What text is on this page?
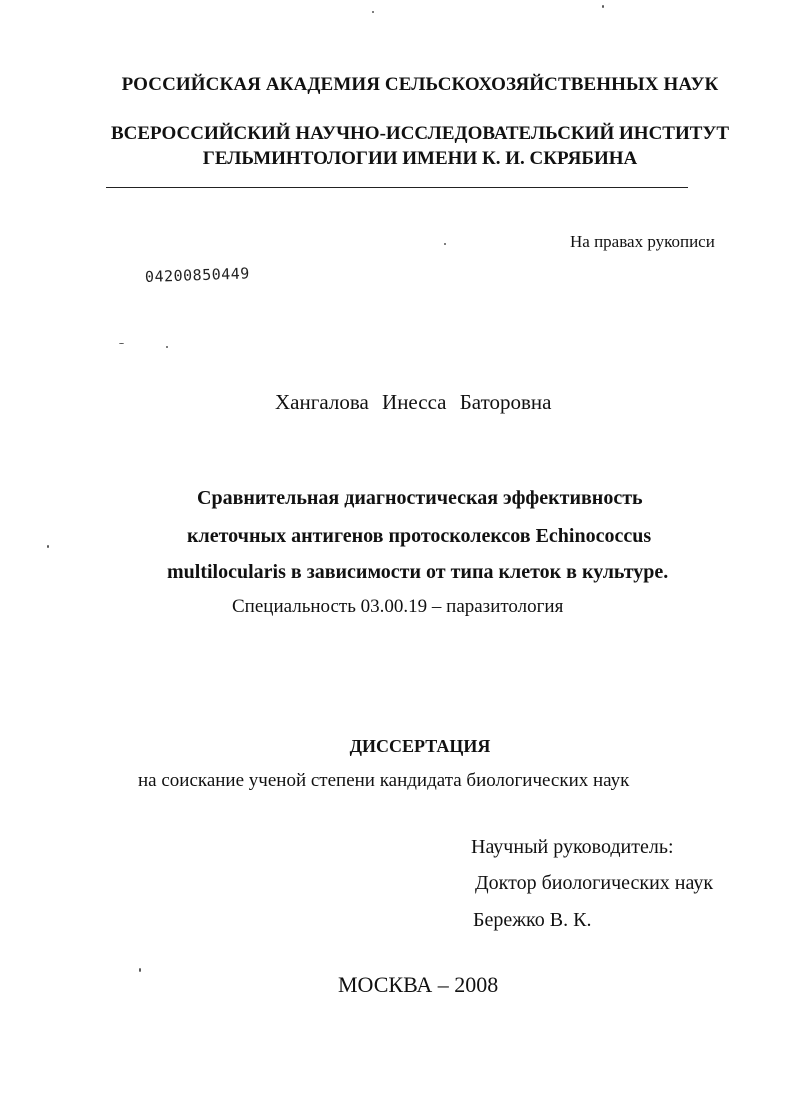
РОССИЙСКАЯ АКАДЕМИЯ СЕЛЬСКОХОЗЯЙСТВЕННЫХ НАУК
ВСЕРОССИЙСКИЙ НАУЧНО-ИССЛЕДОВАТЕЛЬСКИЙ ИНСТИТУТ
ГЕЛЬМИНТОЛОГИИ ИМЕНИ К. И. СКРЯБИНА
На правах рукописи
04200850449
Хангалова Инесса Баторовна
Сравнительная диагностическая эффективность
клеточных антигенов протосколексов Echinococcus
multilocularis в зависимости от типа клеток в культуре.
Специальность 03.00.19 – паразитология
ДИССЕРТАЦИЯ
на соискание ученой степени кандидата биологических наук
Научный руководитель:
Доктор биологических наук
Бережко В. К.
МОСКВА – 2008
